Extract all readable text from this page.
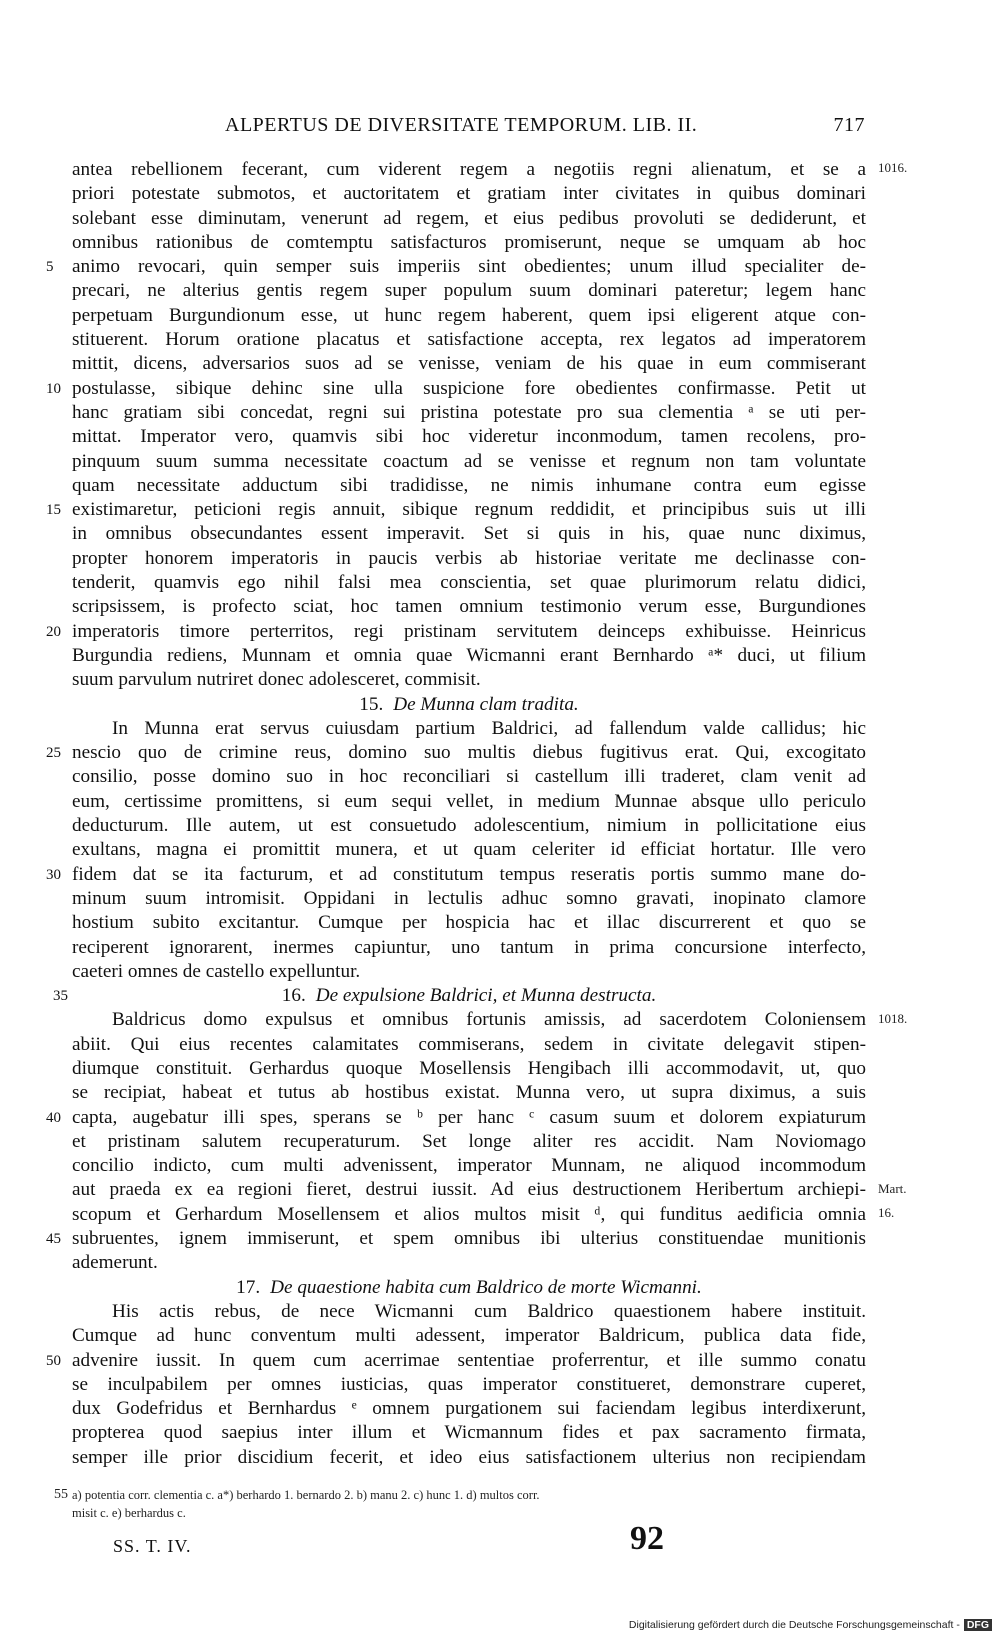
ALPERTUS DE DIVERSITATE TEMPORUM. LIB. II.	717
antea rebellionem fecerant, cum viderent regem a negotiis regni alienatum, et se a
priori potestate submotos, et auctoritatem et gratiam inter civitates in quibus dominari
solebant esse diminutam, venerunt ad regem, et eius pedibus provoluti se dediderunt, et
omnibus rationibus de comtemptu satisfacturos promiserunt, neque se umquam ab hoc
5 animo revocari, quin semper suis imperiis sint obedientes; unum illud specialiter de-
precari, ne alterius gentis regem super populum suum dominari pateretur; legem hanc
perpetuam Burgundionum esse, ut hunc regem haberent, quem ipsi eligerent atque con-
stituerent. Horum oratione placatus et satisfactione accepta, rex legatos ad imperatorem
mittit, dicens, adversarios suos ad se venisse, veniam de his quae in eum commiserant
10 postulasse, sibique dehinc sine ulla suspicione fore obedientes confirmasse. Petit ut
hanc gratiam sibi concedat, regni sui pristina potestate pro sua clementia ᵃ se uti per-
mittat. Imperator vero, quamvis sibi hoc videretur inconmodum, tamen recolens, pro-
pinquum suum summa necessitate coactum ad se venisse et regnum non tam voluntate
quam necessitate adductum sibi tradidisse, ne nimis inhumane contra eum egisse
15 existimaretur, peticioni regis annuit, sibique regnum reddidit, et principibus suis ut illi
in omnibus obsecundantes essent imperavit. Set si quis in his, quae nunc diximus,
propter honorem imperatoris in paucis verbis ab historiae veritate me declinasse con-
tenderit, quamvis ego nihil falsi mea conscientia, set quae plurimorum relatu didici,
scripsissem, is profecto sciat, hoc tamen omnium testimonio verum esse, Burgundiones
20 imperatoris timore perterritos, regi pristinam servitutem deinceps exhibuisse. Heinricus
Burgundia rediens, Munnam et omnia quae Wicmanni erant Bernhardo ᵃ* duci, ut filium
suum parvulum nutriret donec adolesceret, commisit.
15. De Munna clam tradita.
In Munna erat servus cuiusdam partium Baldrici, ad fallendum valde callidus; hic
25 nescio quo de crimine reus, domino suo multis diebus fugitivus erat. Qui, excogitato
consilio, posse domino suo in hoc reconciliari si castellum illi traderet, clam venit ad
eum, certissime promittens, si eum sequi vellet, in medium Munnae absque ullo periculo
deducturum. Ille autem, ut est consuetudo adolescentium, nimium in pollicitatione eius
exultans, magna ei promittit munera, et ut quam celeriter id efficiat hortatur. Ille vero
30 fidem dat se ita facturum, et ad constitutum tempus reseratis portis summo mane do-
minum suum intromisit. Oppidani in lectulis adhuc somno gravati, inopinato clamore
hostium subito excitantur. Cumque per hospicia hac et illac discurrerent et quo se
reciperent ignorarent, inermes capiuntur, uno tantum in prima concursione interfecto,
caeteri omnes de castello expelluntur.
35	16. De expulsione Baldrici, et Munna destructa.
Baldricus domo expulsus et omnibus fortunis amissis, ad sacerdotem Coloniensem
abiit. Qui eius recentes calamitates commiserans, sedem in civitate delegavit stipen-
diumque constituit. Gerhardus quoque Mosellensis Hengibach illi accommodavit, ut, quo
se recipiat, habeat et tutus ab hostibus existat. Munna vero, ut supra diximus, a suis
40 capta, augebatur illi spes, sperans se ᵇ per hanc ᶜ casum suum et dolorem expiaturum
et pristinam salutem recuperaturum. Set longe aliter res accidit. Nam Noviomago
concilio indicto, cum multi advenissent, imperator Munnam, ne aliquod incommodum
aut praeda ex ea regioni fieret, destrui iussit. Ad eius destructionem Heribertum archiepi-
scopum et Gerhardum Mosellensem et alios multos misit ᵈ, qui funditus aedificia omnia
45 subruentes, ignem immiserunt, et spem omnibus ibi ulterius constituendae munitionis
ademerunt.
17. De quaestione habita cum Baldrico de morte Wicmanni.
His actis rebus, de nece Wicmanni cum Baldrico quaestionem habere instituit.
Cumque ad hunc conventum multi adessent, imperator Baldricum, publica data fide,
50 advenire iussit. In quem cum acerrimae sententiae proferrentur, et ille summo conatu
se inculpabilem per omnes iusticias, quas imperator constitueret, demonstrare cuperet,
dux Godefridus et Bernhardus ᵉ omnem purgationem sui faciendam legibus interdixerunt,
propterea quod saepius inter illum et Wicmannum fides et pax sacramento firmata,
semper ille prior discidium fecerit, et ideo eius satisfactionem ulterius non recipiendam
1016.
1018.
Mart.
16.
55 a) potentia corr. clementia c. a*) berhardo 1. bernardo 2. b) manu 2. c) hunc 1. d) multos corr.
misit c. e) berhardus c.
SS. T. IV.	92
Digitalisierung gefördert durch die Deutsche Forschungsgemeinschaft - DFG
